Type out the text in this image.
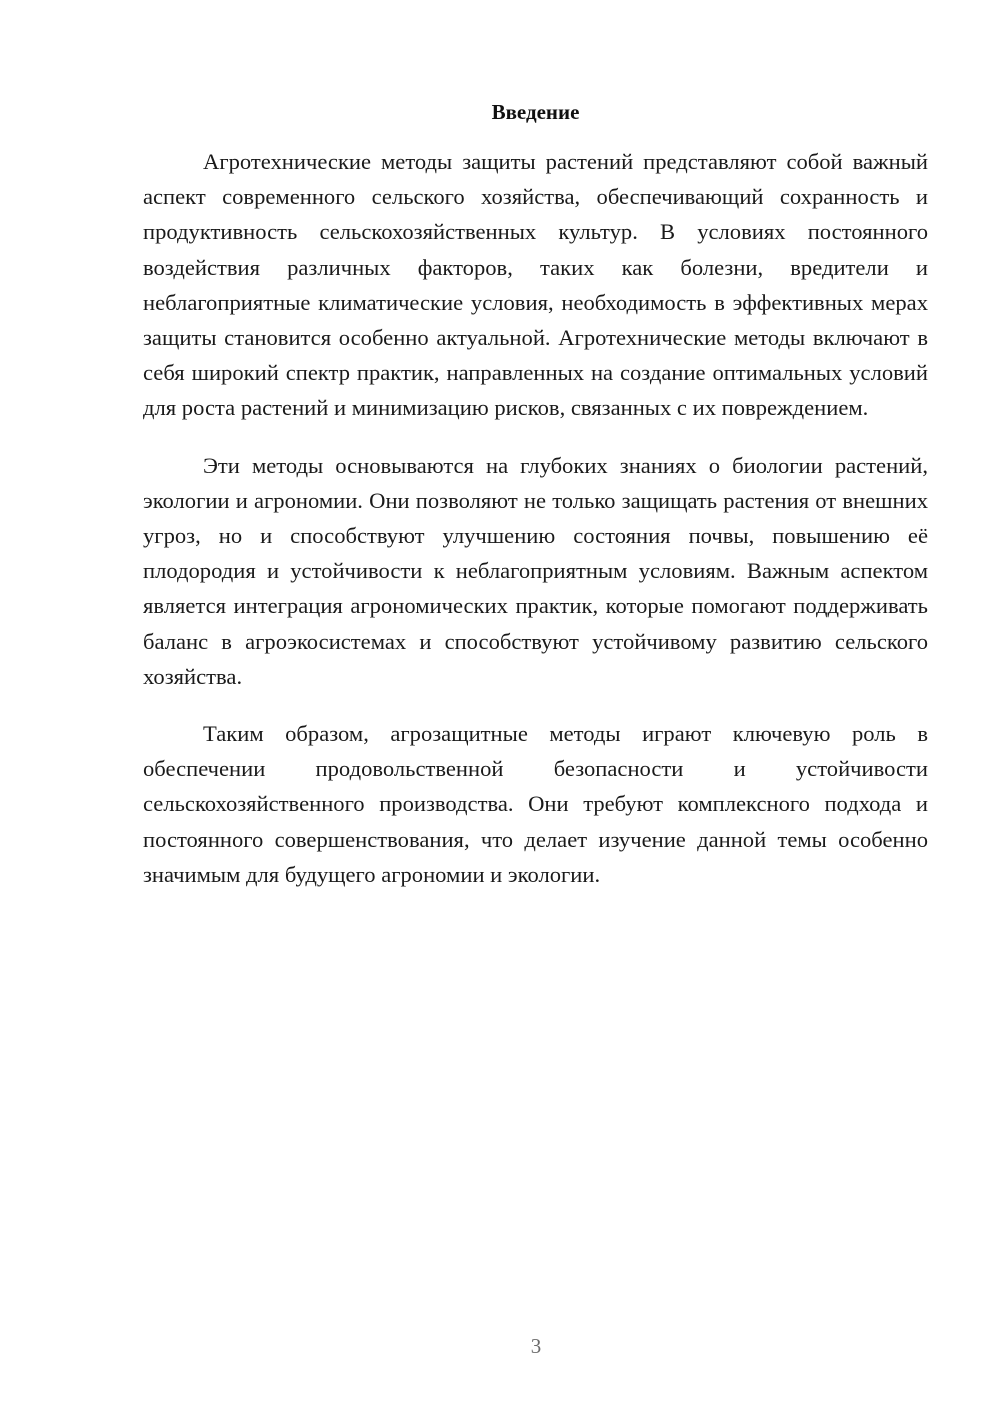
Введение

Агротехнические методы защиты растений представляют собой важный аспект современного сельского хозяйства, обеспечивающий сохранность и продуктивность сельскохозяйственных культур. В условиях постоянного воздействия различных факторов, таких как болезни, вредители и неблагоприятные климатические условия, необходимость в эффективных мерах защиты становится особенно актуальной. Агротехнические методы включают в себя широкий спектр практик, направленных на создание оптимальных условий для роста растений и минимизацию рисков, связанных с их повреждением.

Эти методы основываются на глубоких знаниях о биологии растений, экологии и агрономии. Они позволяют не только защищать растения от внешних угроз, но и способствуют улучшению состояния почвы, повышению её плодородия и устойчивости к неблагоприятным условиям. Важным аспектом является интеграция агрономических практик, которые помогают поддерживать баланс в агроэкосистемах и способствуют устойчивому развитию сельского хозяйства.

Таким образом, агрозащитные методы играют ключевую роль в обеспечении продовольственной безопасности и устойчивости сельскохозяйственного производства. Они требуют комплексного подхода и постоянного совершенствования, что делает изучение данной темы особенно значимым для будущего агрономии и экологии.

3
